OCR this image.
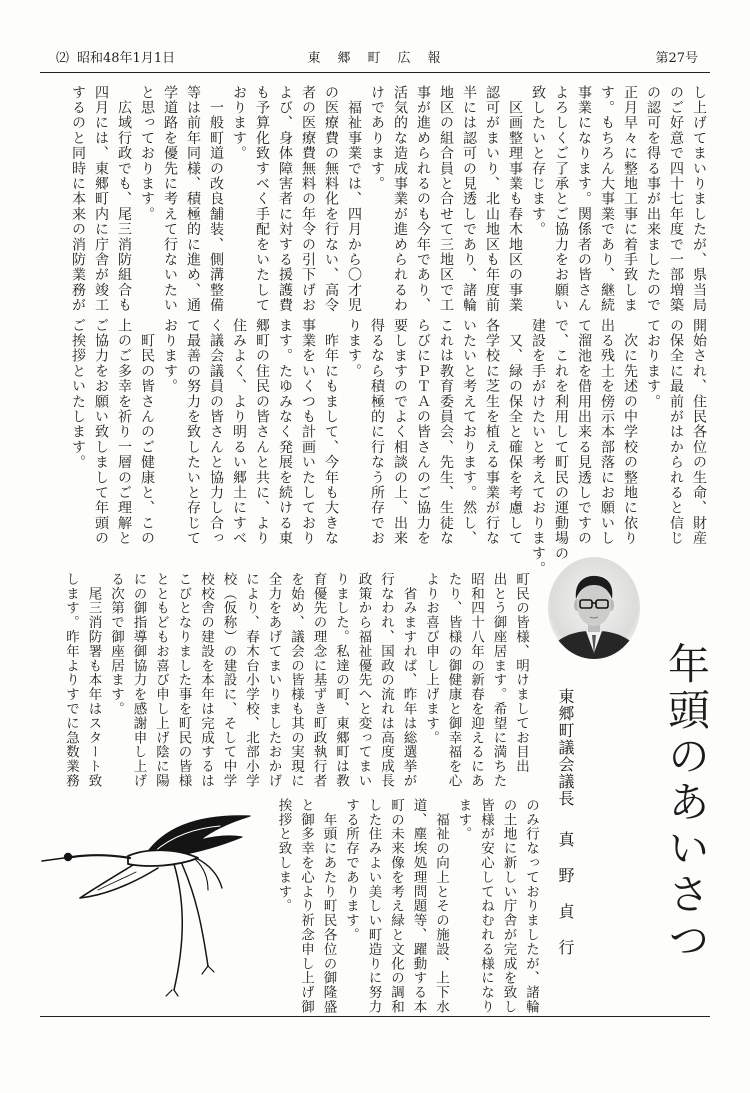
⑵ 昭和48年1月1日	東　郷　町　広　報	第27号
し上げてまいりましたが、県当局
のご好意で四十七年度で一部増築
の認可を得る事が出来ましたので
正月早々に整地工事に着手致しま
す。もちろん大事業であり、継続
事業になります。関係者の皆さん
よろしくご了承とご協力をお願い
致したいと存じます。
　区画整理事業も春木地区の事業
認可がまいり、北山地区も年度前
半には認可の見透しであり、諸輪
地区の組合員と合せて三地区で工
事が進められるのも今年であり、
活気的な造成事業が進められるわ
けであります。
　福祉事業では、四月から〇才児
の医療費の無料化を行ない、高令
者の医療費無料の年令の引下げお
よび、身体障害者に対する援護費
も予算化致すべく手配をいたして
おります。
　一般町道の改良舗装、側溝整備
等は前年同様、積極的に進め、通
学道路を優先に考えて行ないたい
と思っております。
　広域行政でも、尾三消防組合も
四月には、東郷町内に庁舎が竣工
するのと同時に本来の消防業務が
開始され、住民各位の生命、財産
の保全に最前がはかられると信じ
ております。
　次に先述の中学校の整地に依り
出る残土を傍示本部落にお願いし
て溜池を借用出来る見透しですの
で、これを利用して町民の運動場の
建設を手がけたいと考えております。
　又、緑の保全と確保を考慮して
各学校に芝生を植える事業が行な
いたいと考えております。然し、
これは教育委員会、先生、生徒な
らびにＰＴＡの皆さんのご協力を
要しますのでよく相談の上、出来
得るなら積極的に行なう所存でお
ります。
　昨年にもまして、今年も大きな
事業をいくつも計画いたしており
ます。たゆみなく発展を続ける東
郷町の住民の皆さんと共に、より
住みよく、より明るい郷土にすべ
く議会議員の皆さんと協力し合っ
て最善の努力を致したいと存じて
おります。
　町民の皆さんのご健康と、この
上のご多幸を祈り一層のご理解と
ご協力をお願い致しまして年頭の
ご挨拶といたします。
年頭のあいさつ
東郷町議会議長真　野　貞　行
町民の皆様、明けましてお目出
出とう御座居ます。希望に満ちた
昭和四十八年の新春を迎えるにあ
たり、皆様の御健康と御幸福を心
よりお喜び申し上げます。
　省みますれば、昨年は総選挙が
行なわれ、国政の流れは高度成長
政策から福祉優先へと変ってまい
りました。私達の町、東郷町は教
育優先の理念に基ずき町政執行者
を始め、議会の皆様も其の実現に
全力をあげてまいりましたおかげ
により、春木台小学校、北部小学
校（仮称）の建設に、そして中学
校校舎の建設を本年は完成するは
こびとなりました事を町民の皆様
とともどもお喜び申し上げ陰に陽
にの御指導御協力を感謝申し上げ
る次第で御座居ます。
　尾三消防署も本年はスタート致
します。昨年よりすでに急数業務
のみ行なっておりましたが、諸輪
の土地に新しい庁舎が完成を致し
皆様が安心してねむれる様になり
ます。
　福祉の向上とその施設、上下水
道、塵埃処理問題等、躍動する本
町の未来像を考え緑と文化の調和
した住みよい美しい町造りに努力
する所存であります。
　年頭にあたり町民各位の御隆盛
と御多幸を心より祈念申し上げ御
挨拶と致します。
